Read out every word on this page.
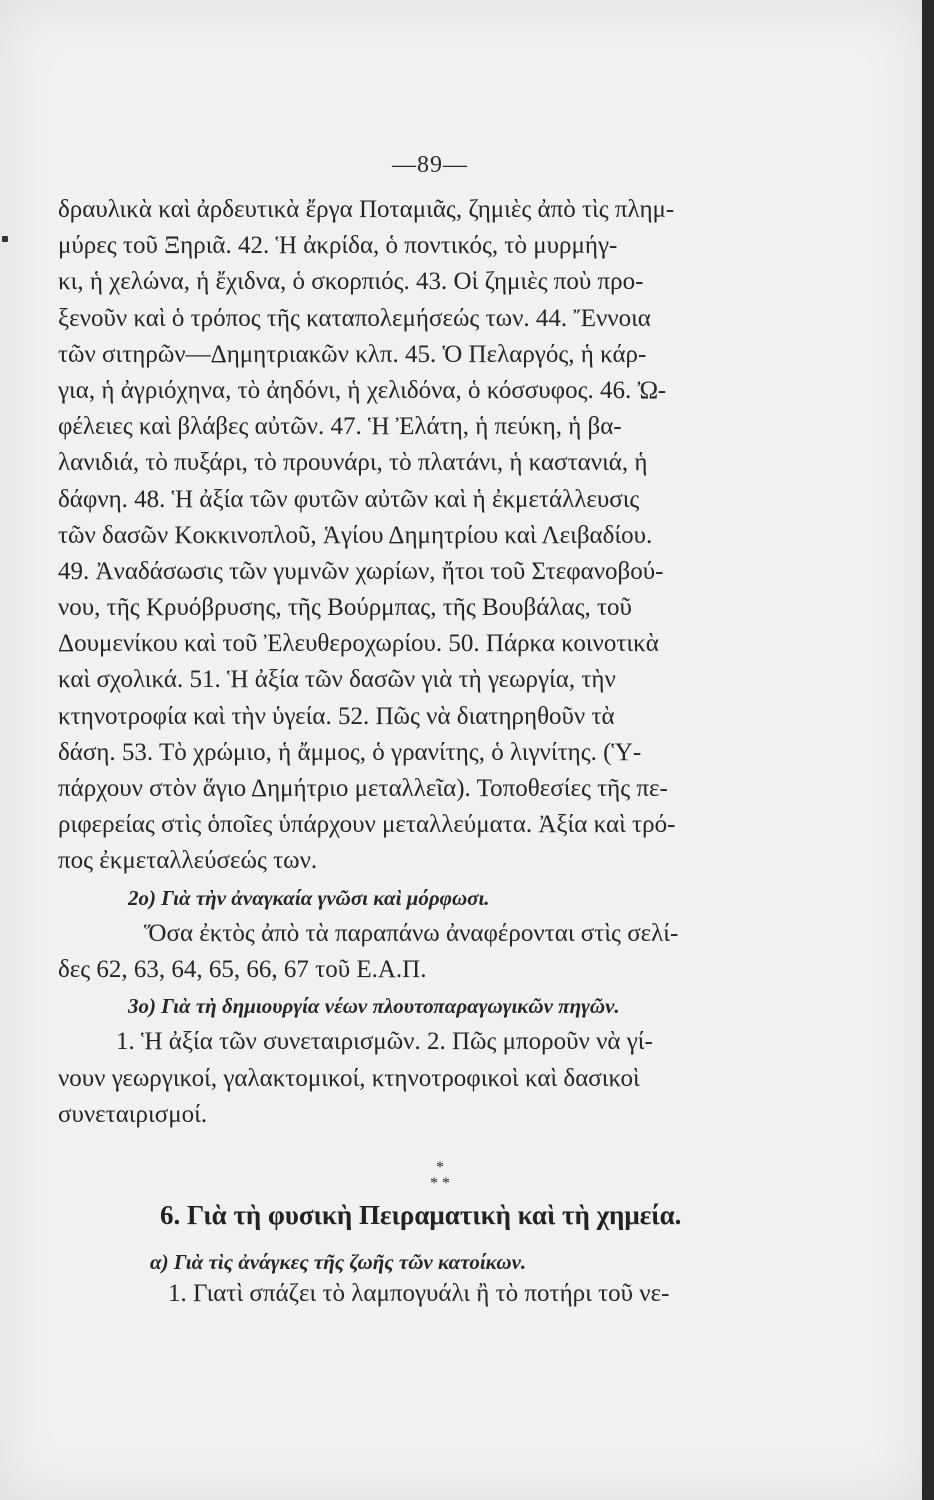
—89—
δραυλικὰ καὶ ἀρδευτικὰ ἔργα Ποταμιᾶς, ζημιὲς ἀπὸ τὶς πλημ-
μύρες τοῦ Ξηριᾶ. 42. Ἡ ἀκρίδα, ὁ ποντικός, τὸ μυρμήγ-
κι, ἡ χελώνα, ἡ ἔχιδνα, ὁ σκορπιός. 43. Οἱ ζημιὲς ποὺ προ-
ξενοῦν καὶ ὁ τρόπος τῆς καταπολεμήσεώς των. 44. Ἔννοια
τῶν σιτηρῶν—Δημητριακῶν κλπ. 45. Ὁ Πελαργός, ἡ κάρ-
για, ἡ ἀγριόχηνα, τὸ ἀηδόνι, ἡ χελιδόνα, ὁ κόσσυφος. 46. Ὠ-
φέλειες καὶ βλάβες αὐτῶν. 47. Ἡ Ἐλάτη, ἡ πεύκη, ἡ βα-
λανιδιά, τὸ πυξάρι, τὸ προυνάρι, τὸ πλατάνι, ἡ καστανιά, ἡ
δάφνη. 48. Ἡ ἀξία τῶν φυτῶν αὐτῶν καὶ ἡ ἐκμετάλλευσις
τῶν δασῶν Κοκκινοπλοῦ, Ἁγίου Δημητρίου καὶ Λειβαδίου.
49. Ἀναδάσωσις τῶν γυμνῶν χωρίων, ἤτοι τοῦ Στεφανοβού-
νου, τῆς Κρυόβρυσης, τῆς Βούρμπας, τῆς Βουβάλας, τοῦ
Δουμενίκου καὶ τοῦ Ἐλευθεροχωρίου. 50. Πάρκα κοινοτικὰ
καὶ σχολικά. 51. Ἡ ἀξία τῶν δασῶν γιὰ τὴ γεωργία, τὴν
κτηνοτροφία καὶ τὴν ὑγεία. 52. Πῶς νὰ διατηρηθοῦν τὰ
δάση. 53. Τὸ χρώμιο, ἡ ἄμμος, ὁ γρανίτης, ὁ λιγνίτης. (Ὑ-
πάρχουν στὸν ἅγιο Δημήτριο μεταλλεῖα). Τοποθεσίες τῆς πε-
ριφερείας στὶς ὁποῖες ὑπάρχουν μεταλλεύματα. Ἀξία καὶ τρό-
πος ἐκμεταλλεύσεώς των.
2ο) Γιὰ τὴν ἀναγκαία γνῶσι καὶ μόρφωσι.
Ὅσα ἐκτὸς ἀπὸ τὰ παραπάνω ἀναφέρονται στὶς σελί-
δες 62, 63, 64, 65, 66, 67 τοῦ Ε.Α.Π.
3ο) Γιὰ τὴ δημιουργία νέων πλουτοπαραγωγικῶν πηγῶν.
1. Ἡ ἀξία τῶν συνεταιρισμῶν. 2. Πῶς μποροῦν νὰ γί-
νουν γεωργικοί, γαλακτομικοί, κτηνοτροφικοὶ καὶ δασικοὶ
συνεταιρισμοί.
*
* *
6. Γιὰ τὴ φυσικὴ Πειραματικὴ καὶ τὴ χημεία.
α) Γιὰ τὶς ἀνάγκες τῆς ζωῆς τῶν κατοίκων.
1. Γιατὶ σπάζει τὸ λαμπογυάλι ἢ τὸ ποτήρι τοῦ νε-
